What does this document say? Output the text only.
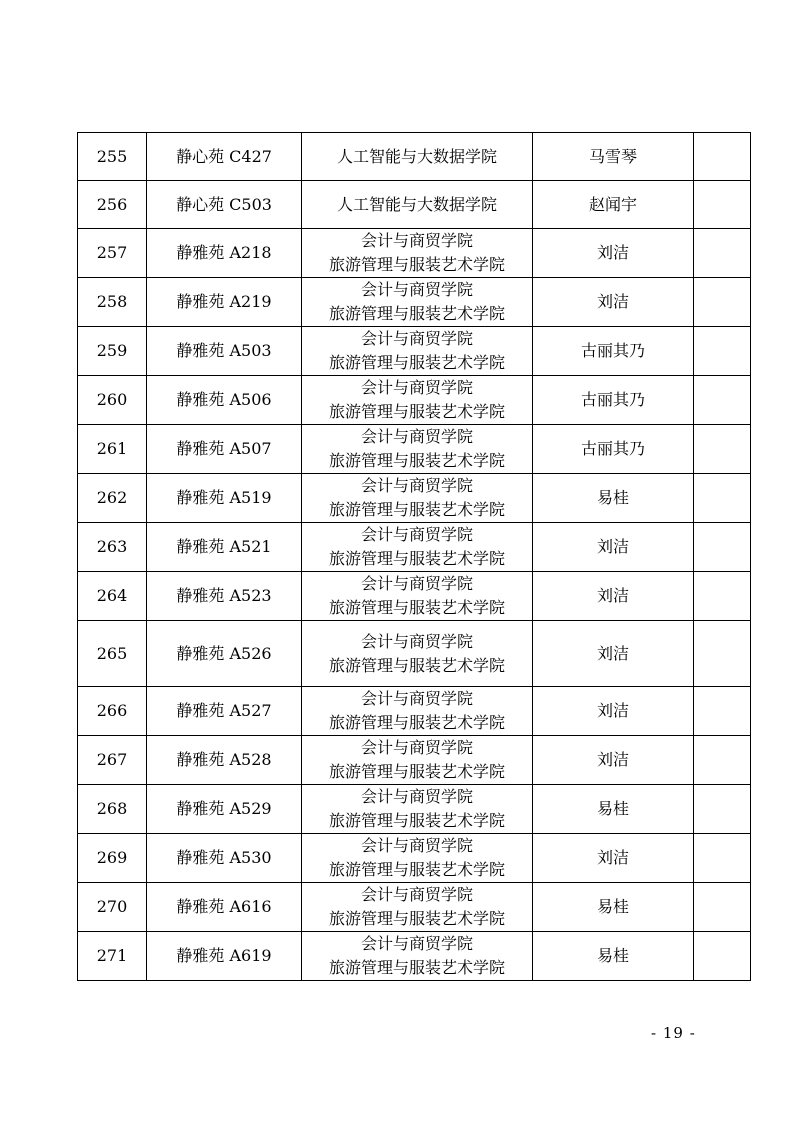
255	静心苑 C427	人工智能与大数据学院	马雪琴	
256	静心苑 C503	人工智能与大数据学院	赵闻宇	
257	静雅苑 A218	会计与商贸学院
旅游管理与服装艺术学院	刘洁	
258	静雅苑 A219	会计与商贸学院
旅游管理与服装艺术学院	刘洁	
259	静雅苑 A503	会计与商贸学院
旅游管理与服装艺术学院	古丽其乃	
260	静雅苑 A506	会计与商贸学院
旅游管理与服装艺术学院	古丽其乃	
261	静雅苑 A507	会计与商贸学院
旅游管理与服装艺术学院	古丽其乃	
262	静雅苑 A519	会计与商贸学院
旅游管理与服装艺术学院	易桂	
263	静雅苑 A521	会计与商贸学院
旅游管理与服装艺术学院	刘洁	
264	静雅苑 A523	会计与商贸学院
旅游管理与服装艺术学院	刘洁	
265	静雅苑 A526	会计与商贸学院
旅游管理与服装艺术学院	刘洁	
266	静雅苑 A527	会计与商贸学院
旅游管理与服装艺术学院	刘洁	
267	静雅苑 A528	会计与商贸学院
旅游管理与服装艺术学院	刘洁	
268	静雅苑 A529	会计与商贸学院
旅游管理与服装艺术学院	易桂	
269	静雅苑 A530	会计与商贸学院
旅游管理与服装艺术学院	刘洁	
270	静雅苑 A616	会计与商贸学院
旅游管理与服装艺术学院	易桂	
271	静雅苑 A619	会计与商贸学院
旅游管理与服装艺术学院	易桂	
- 19 -
